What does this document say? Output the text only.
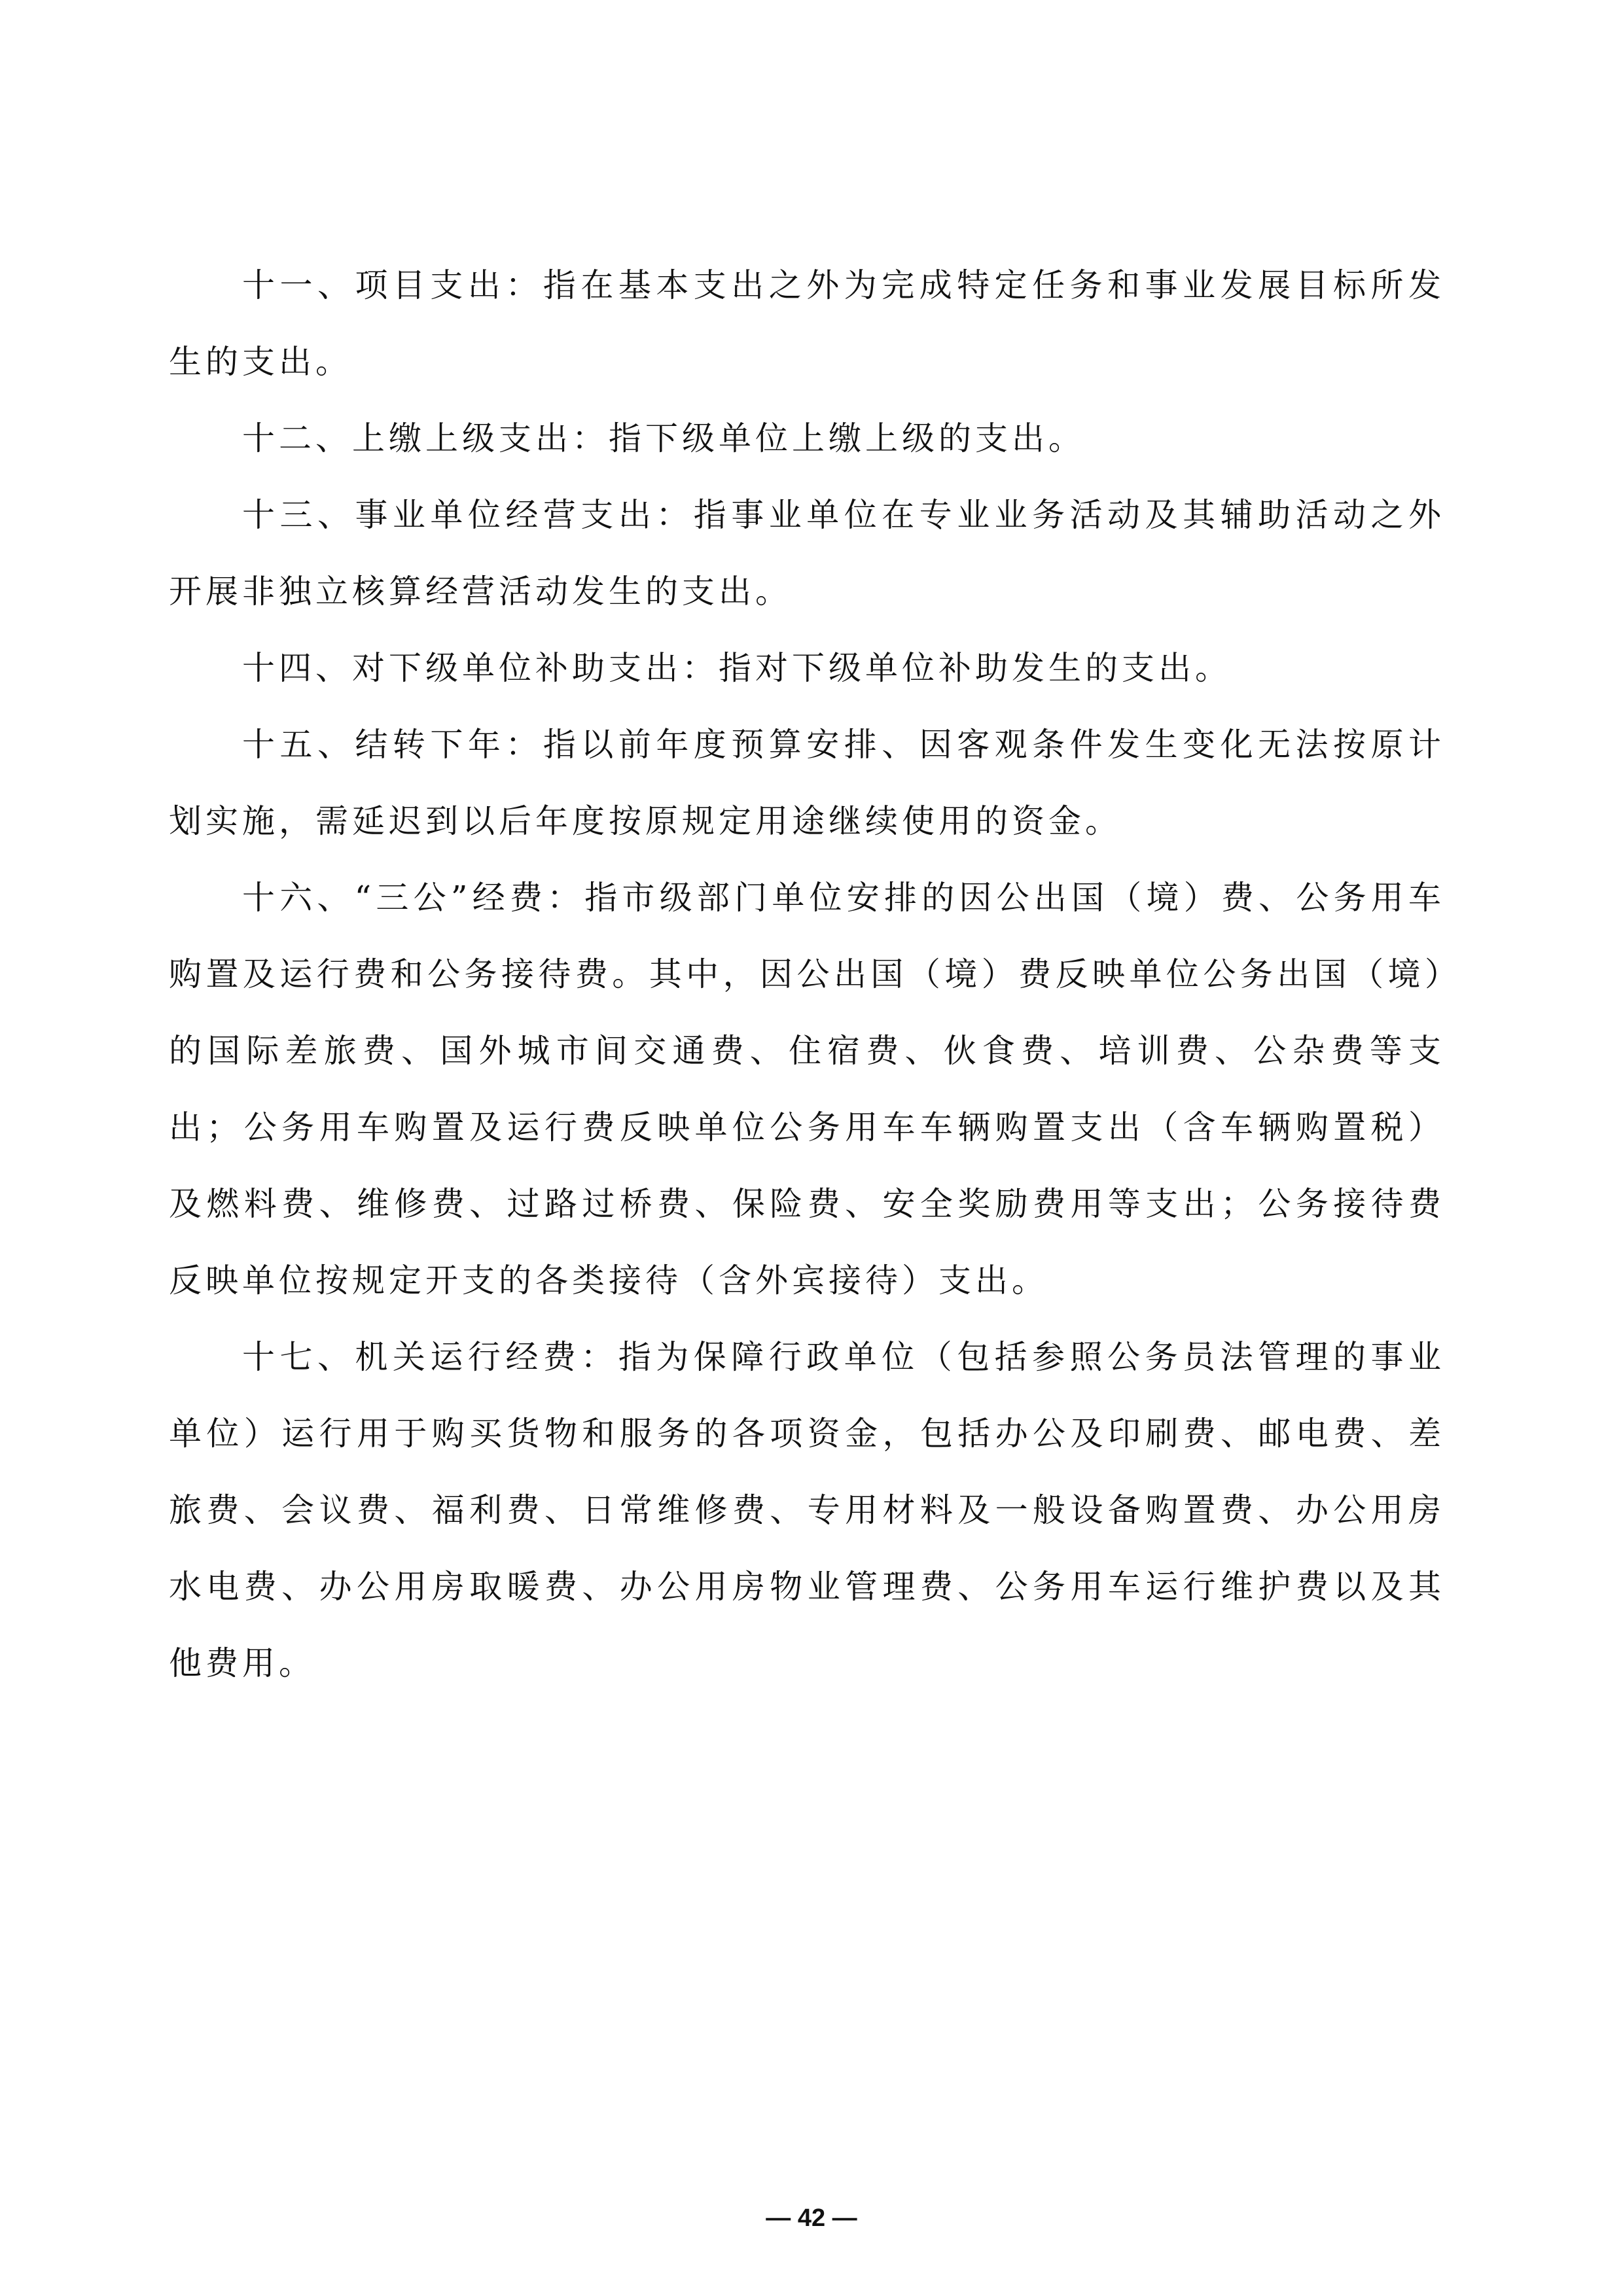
十一、项目支出：指在基本支出之外为完成特定任务和事业发展目标所发生的支出。

十二、上缴上级支出：指下级单位上缴上级的支出。

十三、事业单位经营支出：指事业单位在专业业务活动及其辅助活动之外开展非独立核算经营活动发生的支出。

十四、对下级单位补助支出：指对下级单位补助发生的支出。

十五、结转下年：指以前年度预算安排、因客观条件发生变化无法按原计划实施，需延迟到以后年度按原规定用途继续使用的资金。

十六、“三公”经费：指市级部门单位安排的因公出国（境）费、公务用车购置及运行费和公务接待费。其中，因公出国（境）费反映单位公务出国（境）的国际差旅费、国外城市间交通费、住宿费、伙食费、培训费、公杂费等支出；公务用车购置及运行费反映单位公务用车车辆购置支出（含车辆购置税）及燃料费、维修费、过路过桥费、保险费、安全奖励费用等支出；公务接待费反映单位按规定开支的各类接待（含外宾接待）支出。

十七、机关运行经费：指为保障行政单位（包括参照公务员法管理的事业单位）运行用于购买货物和服务的各项资金，包括办公及印刷费、邮电费、差旅费、会议费、福利费、日常维修费、专用材料及一般设备购置费、办公用房水电费、办公用房取暖费、办公用房物业管理费、公务用车运行维护费以及其他费用。

— 42 —
